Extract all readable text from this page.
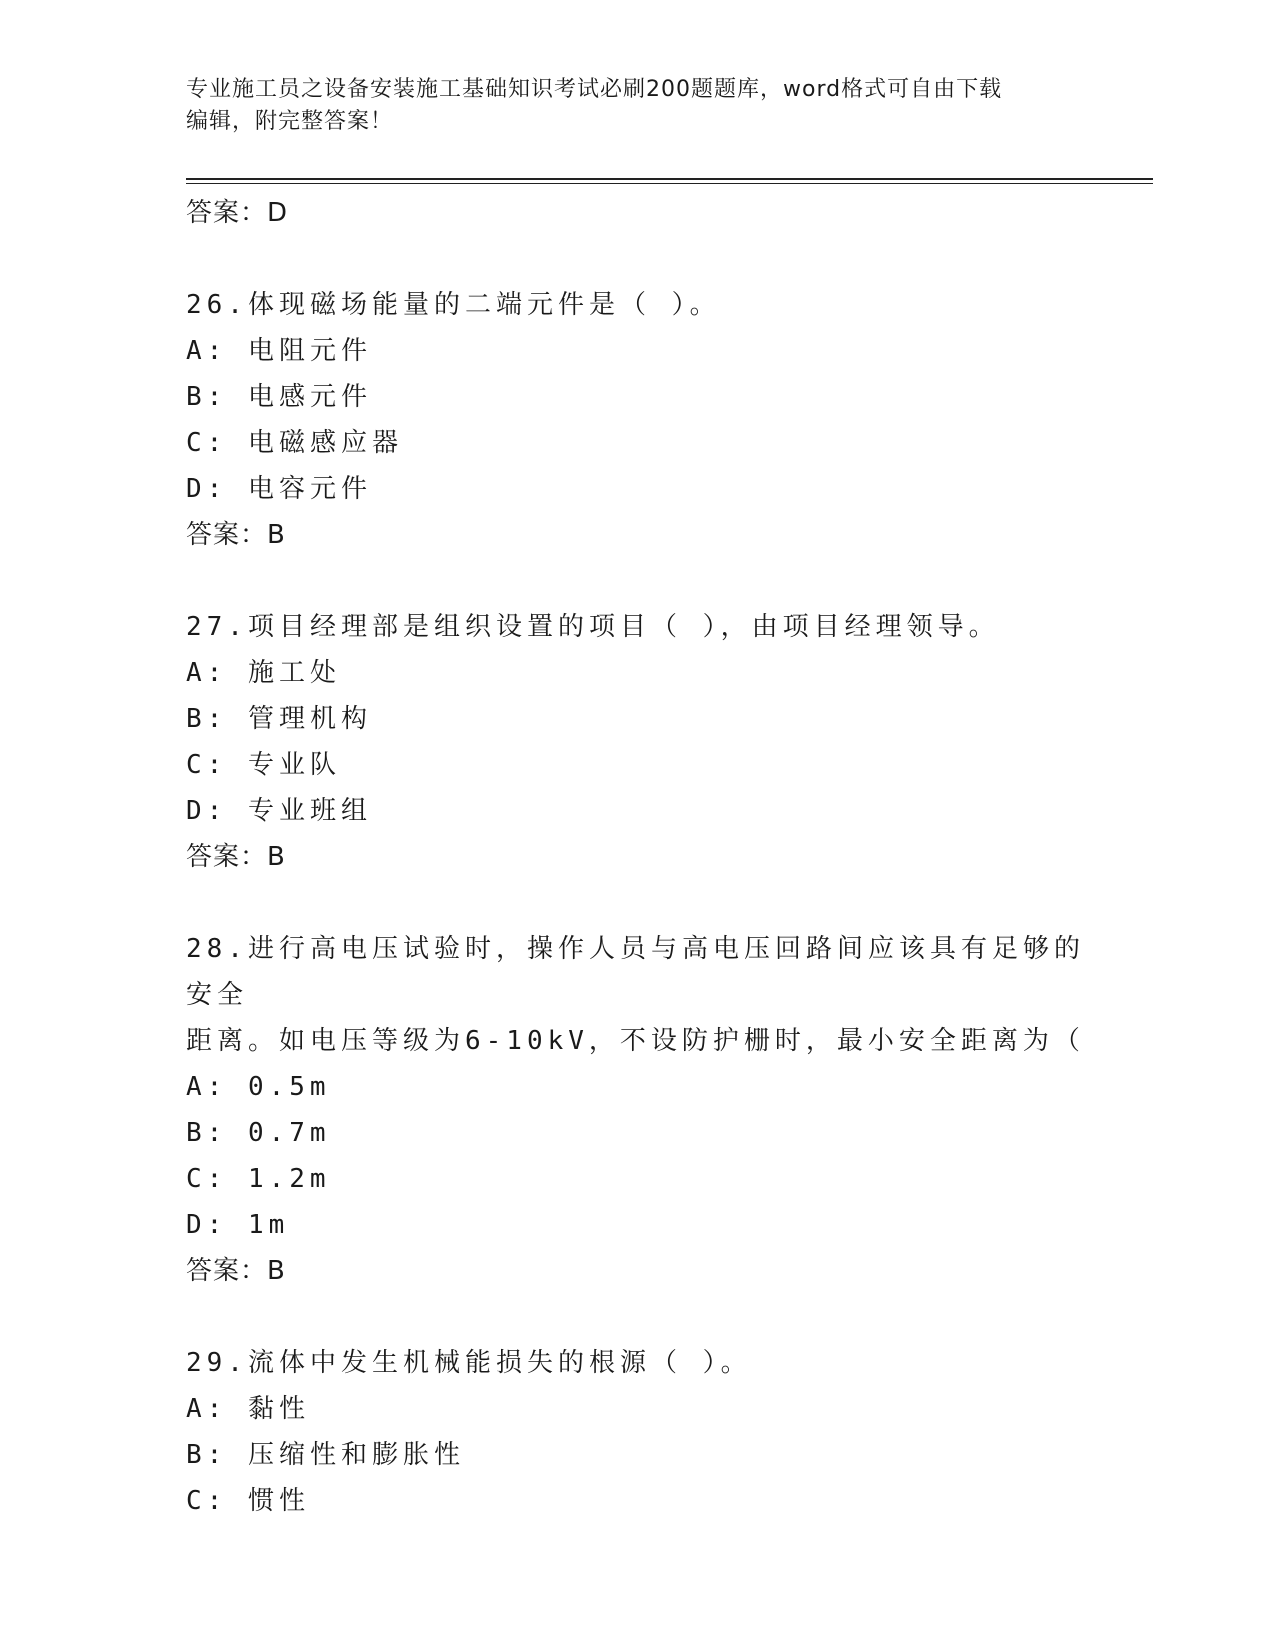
专业施工员之设备安装施工基础知识考试必刷200题题库，word格式可自由下载
编辑，附完整答案！
答案：D

26.体现磁场能量的二端元件是（ ）。

A: 电阻元件

B: 电感元件

C: 电磁感应器

D: 电容元件

答案：B

27.项目经理部是组织设置的项目（ ），由项目经理领导。

A: 施工处

B: 管理机构

C: 专业队

D: 专业班组

答案：B

28.进行高电压试验时，操作人员与高电压回路间应该具有足够的安全

距离。如电压等级为6-10kV，不设防护栅时，最小安全距离为（

A: 0.5m

B: 0.7m

C: 1.2m

D: 1m

答案：B

29.流体中发生机械能损失的根源（ ）。

A: 黏性

B: 压缩性和膨胀性

C: 惯性
